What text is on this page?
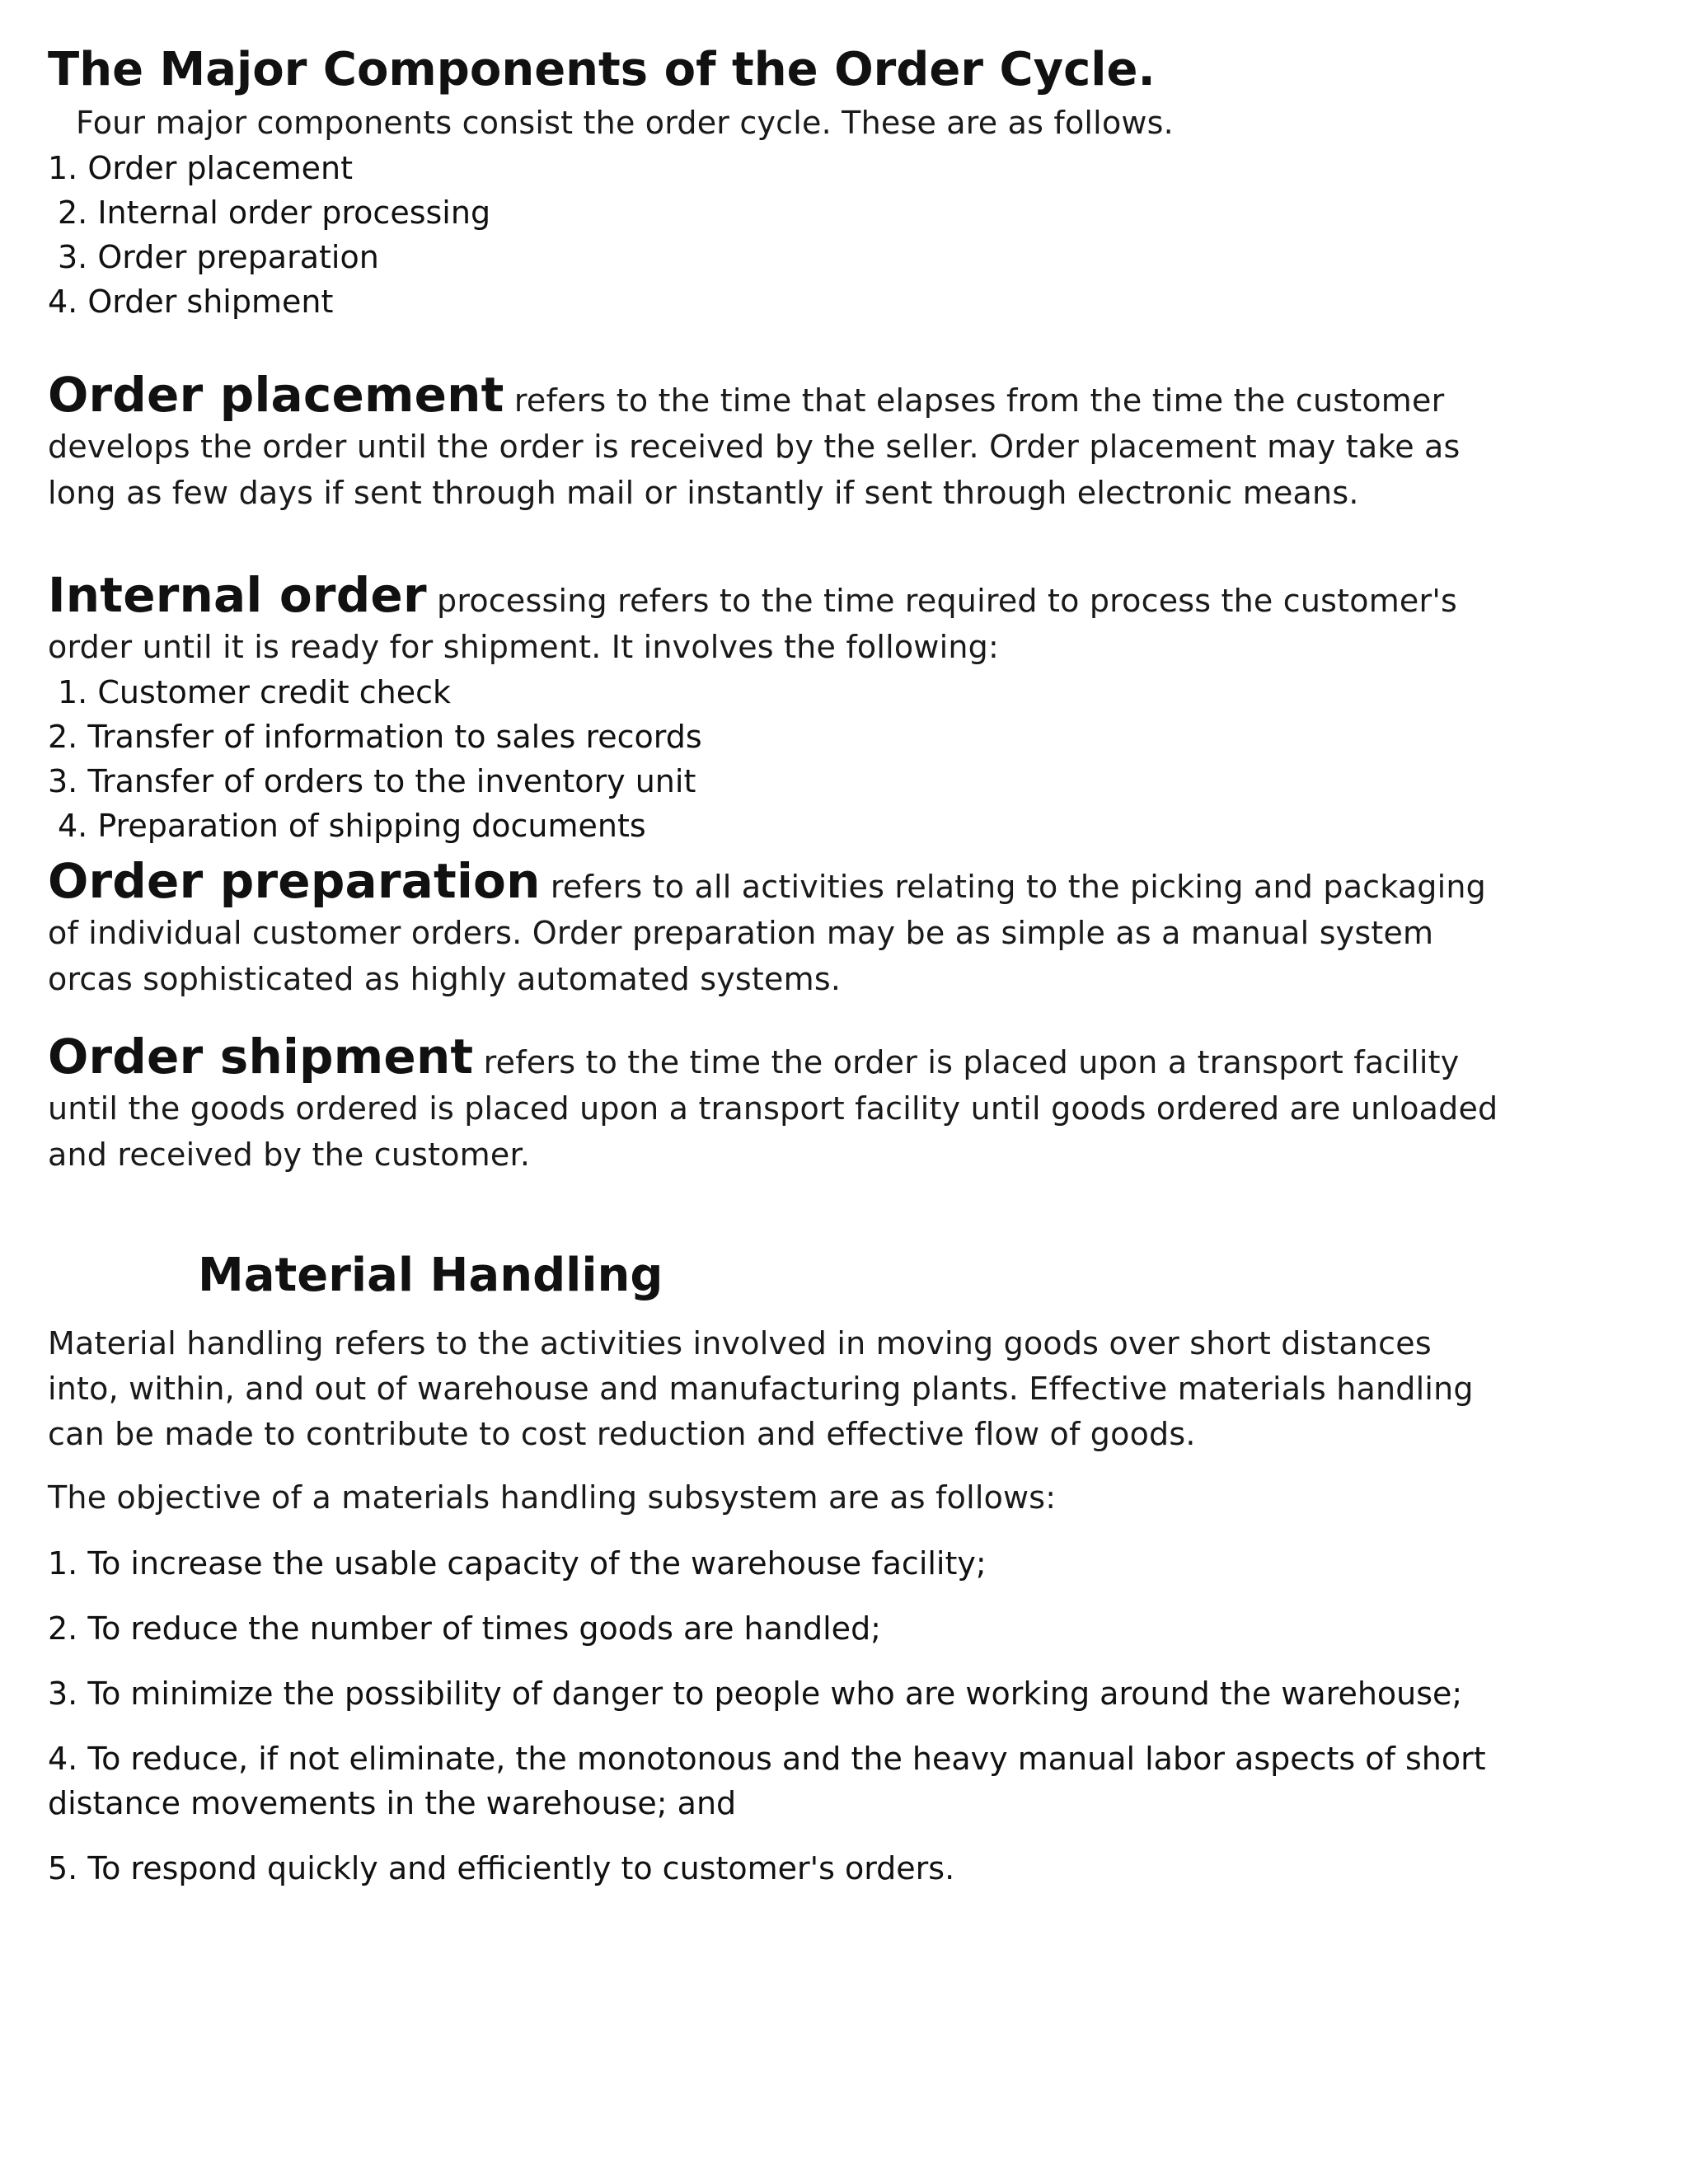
The Major Components of the Order Cycle.

Four major components consist the order cycle. These are as follows.

1. Order placement
2. Internal order processing
3. Order preparation
4. Order shipment

Order placement refers to the time that elapses from the time the customer develops the order until the order is received by the seller. Order placement may take as long as few days if sent through mail or instantly if sent through electronic means.

Internal order processing refers to the time required to process the customer's order until it is ready for shipment. It involves the following:

1. Customer credit check
2. Transfer of information to sales records
3. Transfer of orders to the inventory unit
4. Preparation of shipping documents

Order preparation refers to all activities relating to the picking and packaging of individual customer orders. Order preparation may be as simple as a manual system orcas sophisticated as highly automated systems.

Order shipment refers to the time the order is placed upon a transport facility until the goods ordered is placed upon a transport facility until goods ordered are unloaded and received by the customer.

Material Handling

Material handling refers to the activities involved in moving goods over short distances into, within, and out of warehouse and manufacturing plants. Effective materials handling can be made to contribute to cost reduction and effective flow of goods.

The objective of a materials handling subsystem are as follows:

1. To increase the usable capacity of the warehouse facility;
2. To reduce the number of times goods are handled;
3. To minimize the possibility of danger to people who are working around the warehouse;
4. To reduce, if not eliminate, the monotonous and the heavy manual labor aspects of short distance movements in the warehouse; and
5. To respond quickly and efficiently to customer's orders.
